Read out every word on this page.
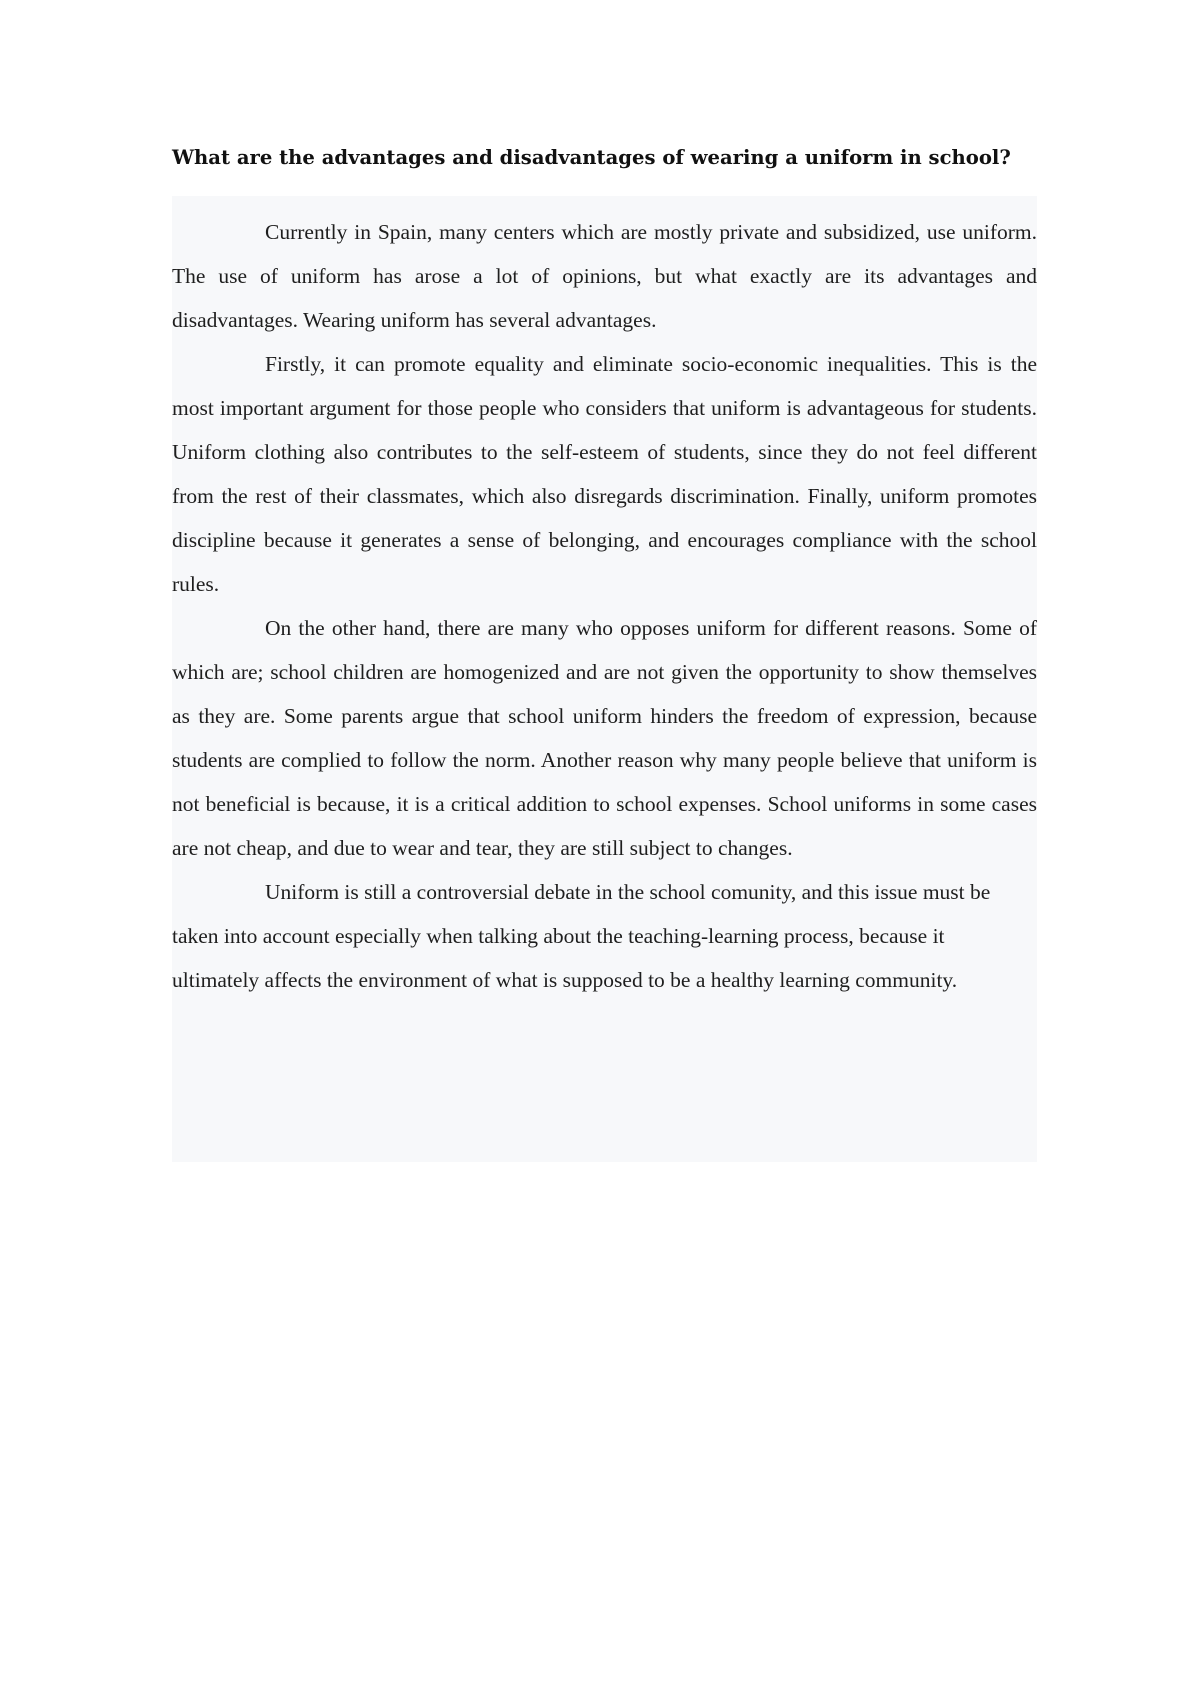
What are the advantages and disadvantages of wearing a uniform in school?

Currently in Spain, many centers which are mostly private and subsidized, use uniform. The use of uniform has arose a lot of opinions, but what exactly are its advantages and disadvantages. Wearing uniform has several advantages.

Firstly, it can promote equality and eliminate socio-economic inequalities. This is the most important argument for those people who considers that uniform is advantageous for students. Uniform clothing also contributes to the self-esteem of students, since they do not feel different from the rest of their classmates, which also disregards discrimination. Finally, uniform promotes discipline because it generates a sense of belonging, and encourages compliance with the school rules.

On the other hand, there are many who opposes uniform for different reasons. Some of which are; school children are homogenized and are not given the opportunity to show themselves as they are. Some parents argue that school uniform hinders the freedom of expression, because students are complied to follow the norm. Another reason why many people believe that uniform is not beneficial is because, it is a critical addition to school expenses. School uniforms in some cases are not cheap, and due to wear and tear, they are still subject to changes.

Uniform is still a controversial debate in the school comunity, and this issue must be taken into account especially when talking about the teaching-learning process, because it ultimately affects the environment of what is supposed to be a healthy learning community.
